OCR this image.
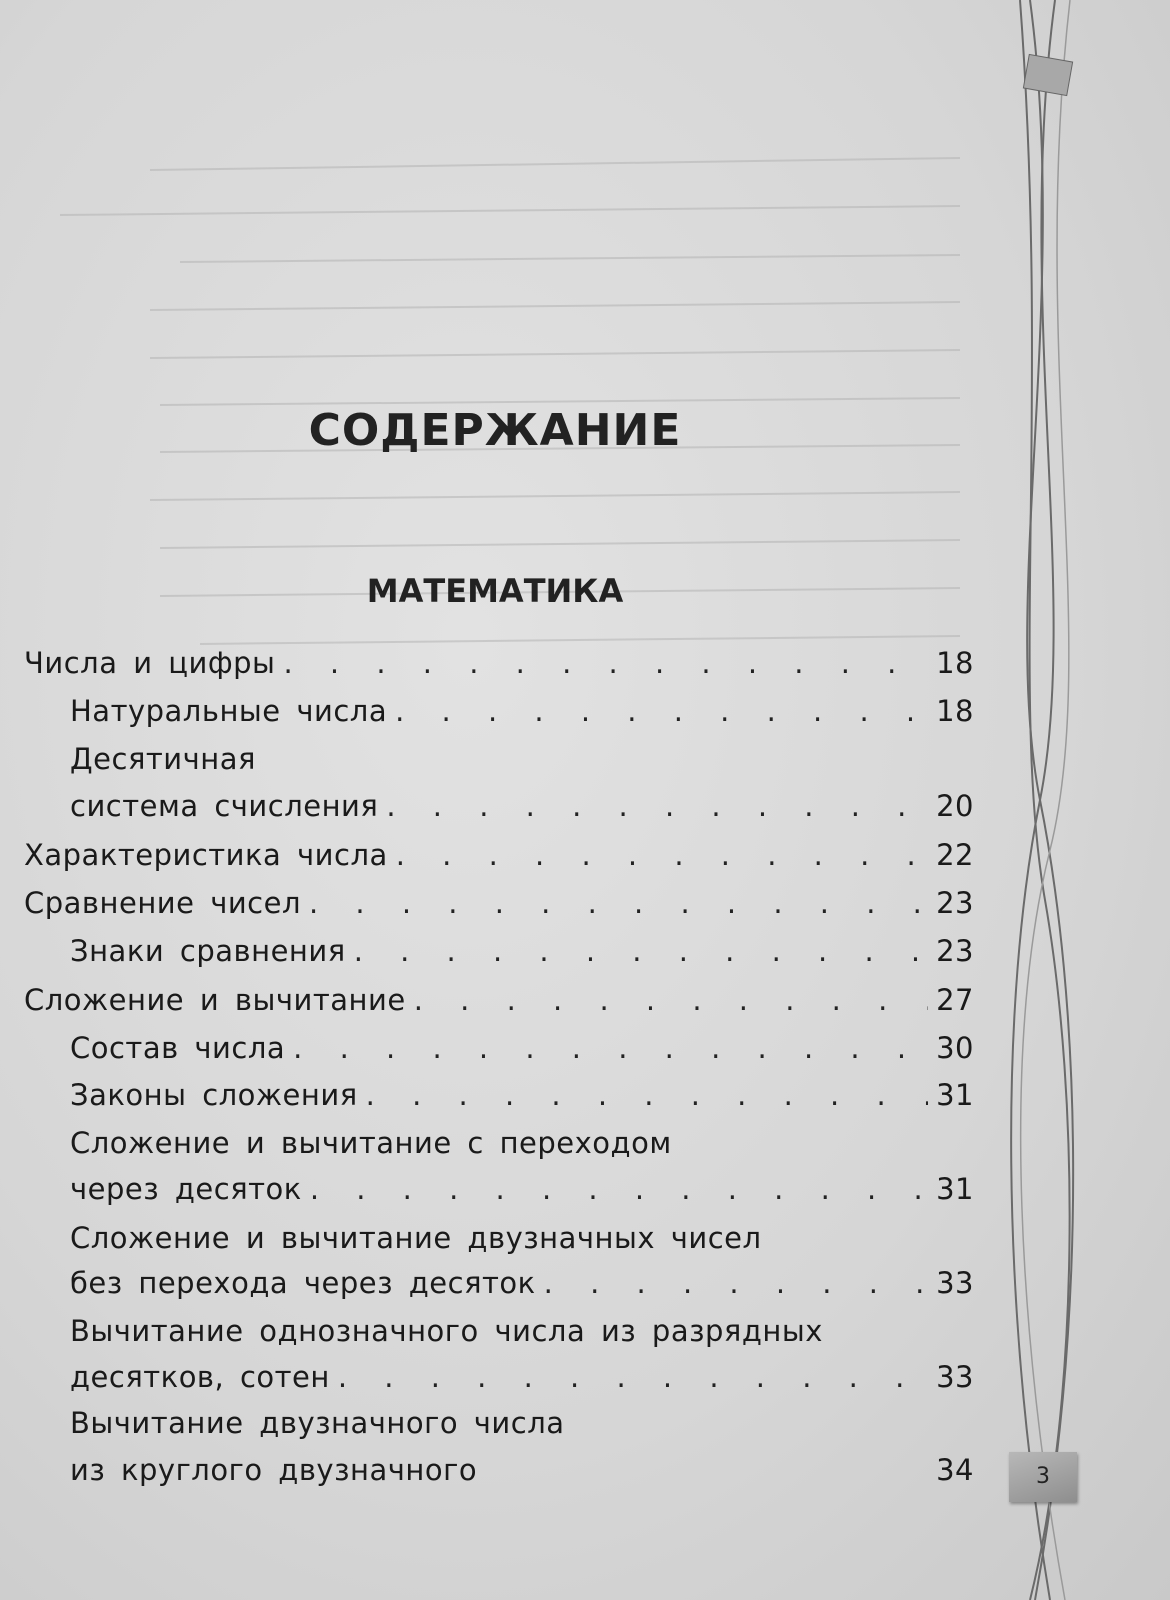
СОДЕРЖАНИЕ
МАТЕМАТИКА
Числа и цифры . . .	18
Натуральные числа . . .	18
Десятичная
система счисления . . .	20
Характеристика числа . . .	22
Сравнение чисел . . .	23
Знаки сравнения . . .	23
Сложение и вычитание . . .	27
Состав числа . . .	30
Законы сложения . . .	31
Сложение и вычитание с переходом
через десяток . . .	31
Сложение и вычитание двузначных чисел
без перехода через десяток . . .	33
Вычитание однозначного числа из разрядных
десятков, сотен . . .	33
Вычитание двузначного числа
из круглого двузначного	34	3
